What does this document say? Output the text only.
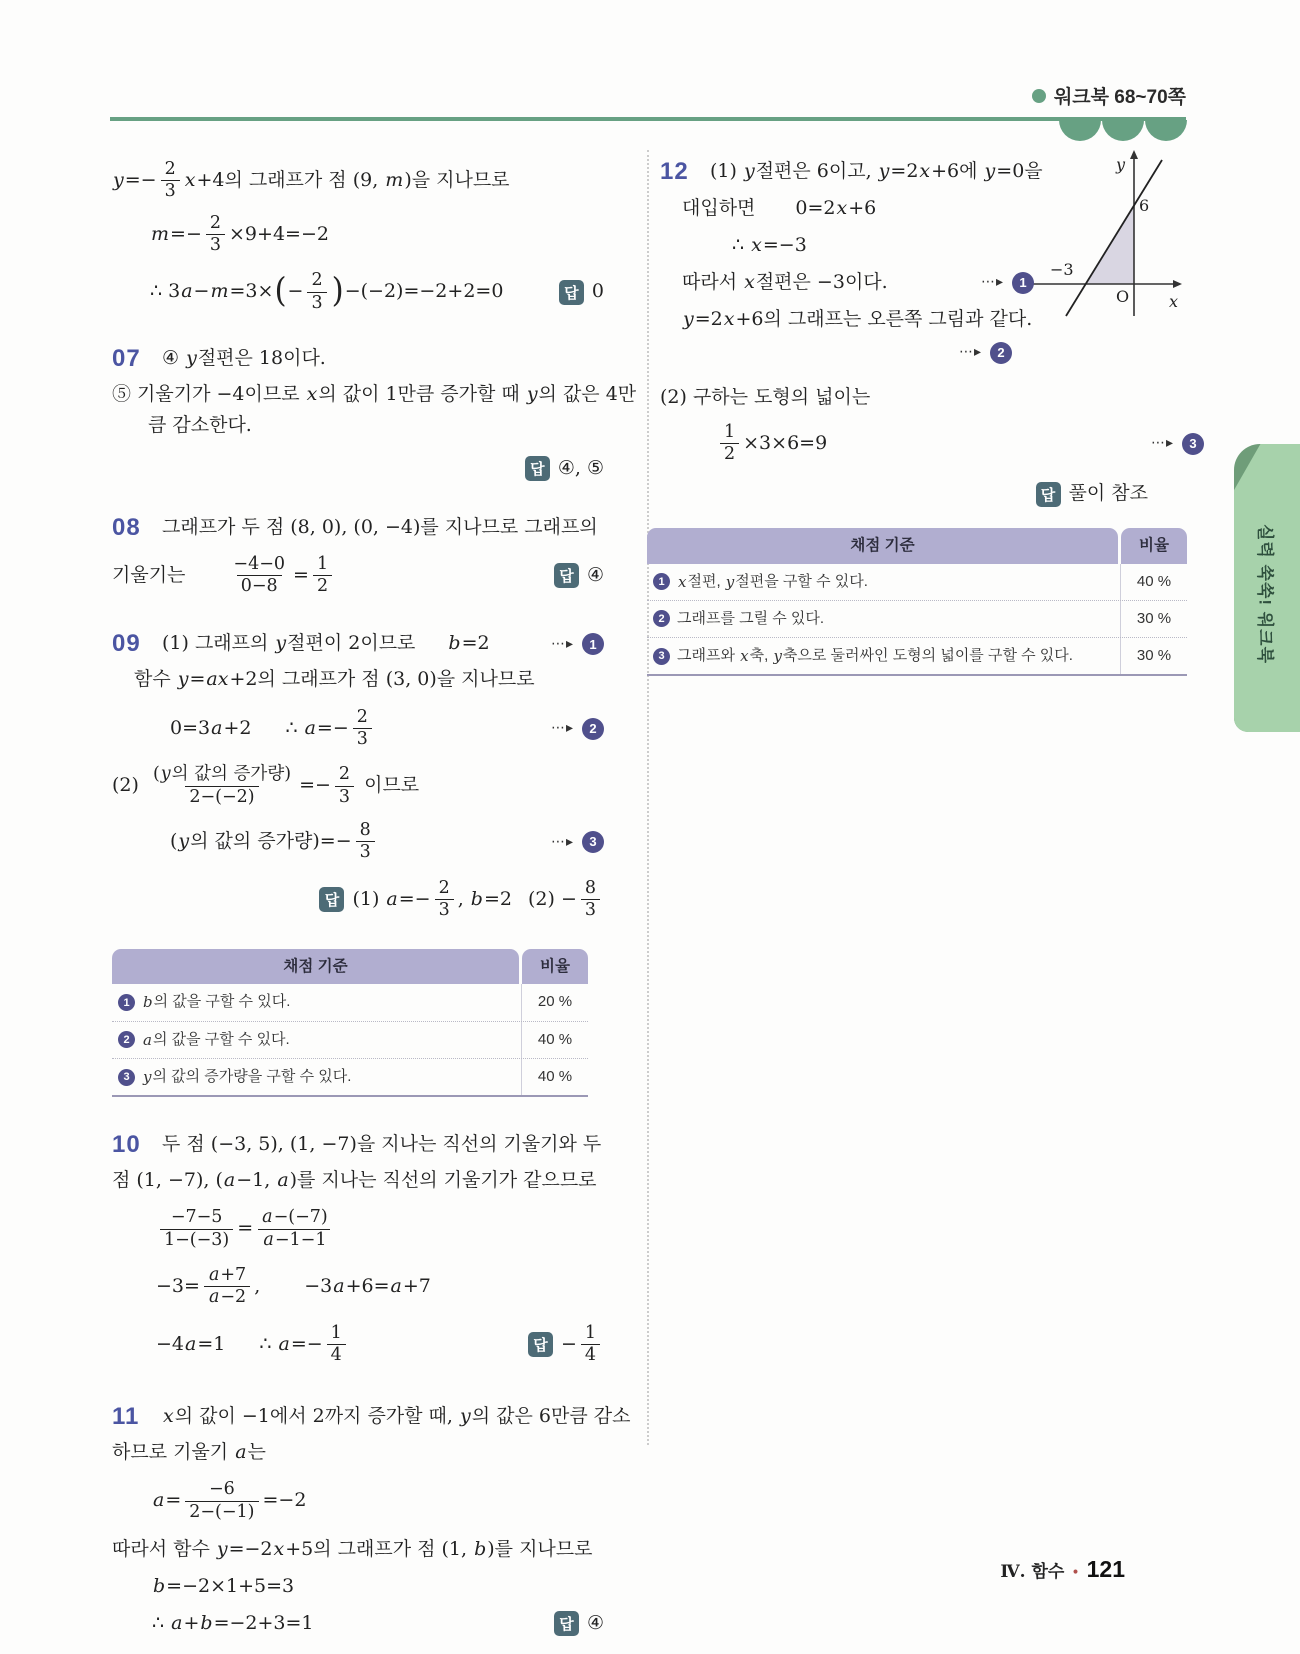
워크북 68~70쪽
$y =- \frac{2}{3}$ x +4의 그래프가 점 (9, m )을 지나므로
$m =- \frac{2}{3} \times 9+4=-2$
∴ 3 a − m =3× ( − $\frac{2}{3}$ ) −(−2)=−2+2=0	답 0
07	④ y 절편은 18이다.
⑤ 기울기가 −4이므로 x 의 값이 1만큼 증가할 때 y 의 값은 4만
큼 감소한다.
답 ④, ⑤
08	그래프가 두 점 (8, 0), (0, −4)를 지나므로 그래프의
기울기는	$\frac{-4-0}{0-8} = \frac{1}{2}$	답 ④
09	(1) 그래프의 y 절편이 2이므로 b =2	⋯▸	1
함수 y = ax +2의 그래프가 점 (3, 0)을 지나므로
0=3 a +2 ∴ $a =- \frac{2}{3}$	⋯▸	2
$(2) \frac{\text{(y의 값의 증가량)}}{2-(-2)} =- \frac{2}{3}$ 이므로
( y 의 값의 증가량)=− $\frac{8}{3}$	⋯▸	3
답 (1) $a =- \frac{2}{3}$ , b =2 $(2) - \frac{8}{3}$
채점 기준	비율
1 b 의 값을 구할 수 있다.	20 %
2 a 의 값을 구할 수 있다.	40 %
3 y 의 값의 증가량을 구할 수 있다.	40 %
10	두 점 (−3, 5), (1, −7)을 지나는 직선의 기울기와 두
점 (1, −7), ( a −1, a )를 지나는 직선의 기울기가 같으므로
$\frac{-7-5}{1-(-3)} = \frac{a-(-7)}{a-1-1}$
$-3= \frac{a+7}{a-2}$ , −3 a +6= a +7
−4 a =1 ∴ $a =- \frac{1}{4}$	답 − $\frac{1}{4}$
11	x 의 값이 −1에서 2까지 증가할 때, y 의 값은 6만큼 감소
하므로 기울기 a 는
$a = \frac{-6}{2-(-1)} =-2$
따라서 함수 y =−2 x +5의 그래프가 점 (1, b )를 지나므로
b =−2×1+5=3
∴ a + b =−2+3=1	답 ④
y
x
O
6
−3
12	(1) y 절편은 6이고, y =2 x +6에 y =0을
대입하면 0=2 x +6
∴ x =−3
따라서 x 절편은 −3이다.	⋯▸	1
y =2 x +6의 그래프는 오른쪽 그림과 같다.
⋯▸	2
(2) 구하는 도형의 넓이는
$\frac{1}{2} \times 3\times 6=9$	⋯▸	3
답 풀이 참조
채점 기준	비율
1 x 절편, y 절편을 구할 수 있다.	40 %
2 그래프를 그릴 수 있다.	30 %
3 그래프와 x 축, y 축으로 둘러싸인 도형의 넓이를 구할 수 있다.	30 %	실력 쑥쑥! 워크북
Ⅳ. 함수 • 121
